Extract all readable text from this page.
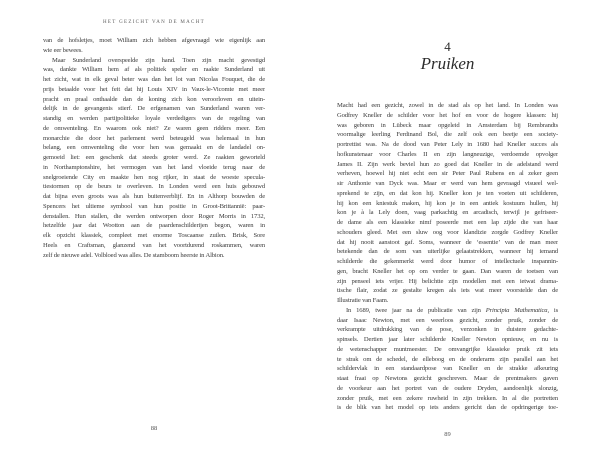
HET GEZICHT VAN DE MACHT
van de hofsletjes, moet William zich hebben afgevraagd wie eigenlijk aan
wie eer bewees.
Maar Sunderland overspeelde zijn hand. Toen zijn macht gevestigd
was, dankte William hem af als politiek speler en raakte Sunderland uit
het zicht, wat in elk geval beter was dan het lot van Nicolas Fouquet, die de
prijs betaalde voor het feit dat hij Louis XIV in Vaux-le-Vicomte met meer
pracht en praal onthaalde dan de koning zich kon veroorloven en uitein-
delijk in de gevangenis stierf. De erfgenamen van Sunderland waren ver-
standig en werden partijpolitieke loyale verdedigers van de regeling van
de omwenteling. En waarom ook niet? Ze waren geen ridders meer. Een
monarchie die door het parlement werd beteugeld was helemaal in hun
belang, een omwenteling die voor hen was gemaakt en de landadel on-
gemoeid liet: een geschenk dat steeds groter werd. Ze raakten geworteld
in Northamptonshire, het vermogen van het land vloeide terug naar de
snelgroeiende City en maakte hen nog rijker, in staat de woeste specula-
tiestormen op de beurs te overleven. In Londen werd een huis gebouwd
dat bijna even groots was als hun buitenverblijf. En in Althorp bouwden de
Spencers het ultieme symbool van hun positie in Groot-Brittannië: paar-
denstallen. Hun stallen, die werden ontworpen door Roger Morris in 1732,
hetzelfde jaar dat Wootton aan de paardenschilderijen begon, waren in
elk opzicht klassiek, compleet met enorme Toscaanse zuilen. Brisk, Sore
Heels en Craftsman, glanzend van het voortdurend roskammen, waren
zelf de nieuwe adel. Volbloed was alles. De stamboom heerste in Albion.
88
4
Pruiken
Macht had een gezicht, zowel in de stad als op het land. In Londen was
Godfrey Kneller de schilder voor het hof en voor de hogere klassen: hij
was geboren in Lübeck maar opgeleid in Amsterdam bij Rembrandts
voormalige leerling Ferdinand Bol, die zelf ook een beetje een society-
portrettist was. Na de dood van Peter Lely in 1680 had Kneller succes als
hofkunstenaar voor Charles II en zijn langneuzige, verdoemde opvolger
James II. Zijn werk beviel hun zo goed dat Kneller in de adelstand werd
verheven, hoewel hij niet echt een sir Peter Paul Rubens en al zeker geen
sir Anthonie van Dyck was. Maar er werd van hem gevraagd visueel wel-
sprekend te zijn, en dat kon hij. Kneller kon je ten voeten uit schilderen,
hij kon een kniestuk maken, hij kon je in een antiek kostuum hullen, hij
kon je à la Lely doen, vaag parkachtig en arcadisch, terwijl je gefriseer-
de dame als een klassieke nimf poseerde met een lap zijde die van haar
schouders gleed. Met een sluw oog voor klandizie zorgde Godfrey Kneller
dat hij nooit aanstoot gaf. Soms, wanneer de ‘essentie’ van de man meer
betekende dan de som van uiterlijke gelaatstrekken, wanneer hij iemand
schilderde die gekenmerkt werd door humor of intellectuele inspannin-
gen, bracht Kneller het op om verder te gaan. Dan waren de toetsen van
zijn penseel iets vrijer. Hij belichtte zijn modellen met een ietwat drama-
tische flair, zodat ze gestalte kregen als iets wat meer voorstelde dan de
Illustratie van Faam.
In 1689, twee jaar na de publicatie van zijn Principia Mathematica, is
daar Isaac Newton, met een weerloos gezicht, zonder pruik, zonder de
verkrampte uitdrukking van de pose, verzonken in duistere gedachte-
spinsels. Dertien jaar later schilderde Kneller Newton opnieuw, en nu is
de wetenschapper muntmeester. De omvangrijke klassieke pruik zit iets
te strak om de schedel, de elleboog en de onderarm zijn parallel aan het
schildervlak in een standaardpose van Kneller en de strakke afkeuring
staat fraai op Newtons gezicht geschreven. Maar de prentmakers gaven
de voorkeur aan het portret van de oudere Dryden, aandoenlijk slonzig,
zonder pruik, met een zekere ruwheid in zijn trekken. In al die portretten
is de blik van het model op iets anders gericht dan de opdringerige toe-
89
